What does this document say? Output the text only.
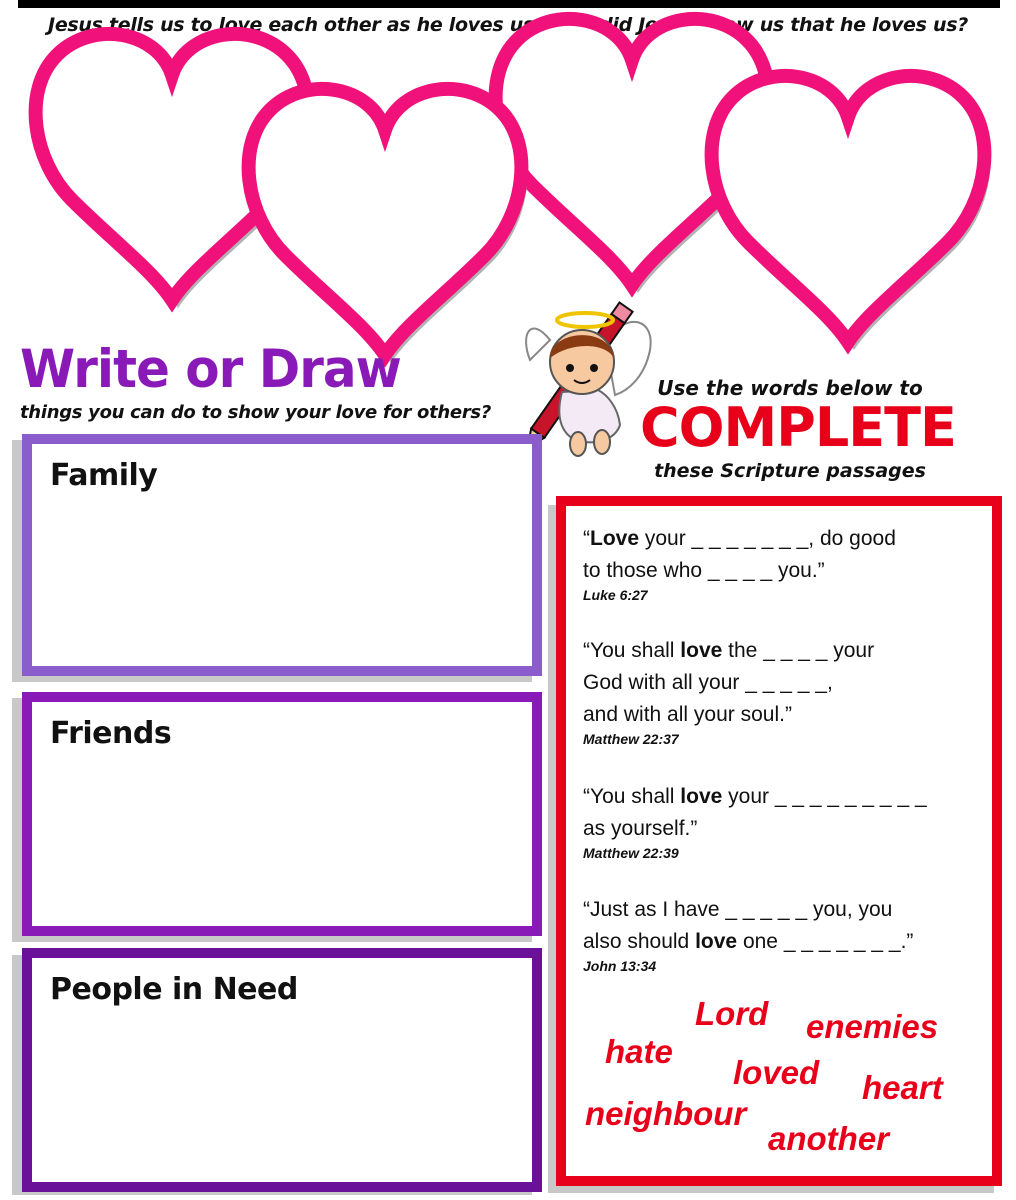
Jesus tells us to love each other as he loves us. How did Jesus show us that he loves us?
Write or Draw
things you can do to show your love for others?
Family
Friends
People in Need
Use the words below to
COMPLETE
these Scripture passages
“Love your _ _ _ _ _ _ _, do good
to those who _ _ _ _ you.”
Luke 6:27
“You shall love the _ _ _ _ your
God with all your _ _ _ _ _,
and with all your soul.”
Matthew 22:37
“You shall love your _ _ _ _ _ _ _ _ _
as yourself.”
Matthew 22:39
“Just as I have _ _ _ _ _ you, you
also should love one _ _ _ _ _ _ _.”
John 13:34
Lord enemies
hate
loved heart
neighbour
another
